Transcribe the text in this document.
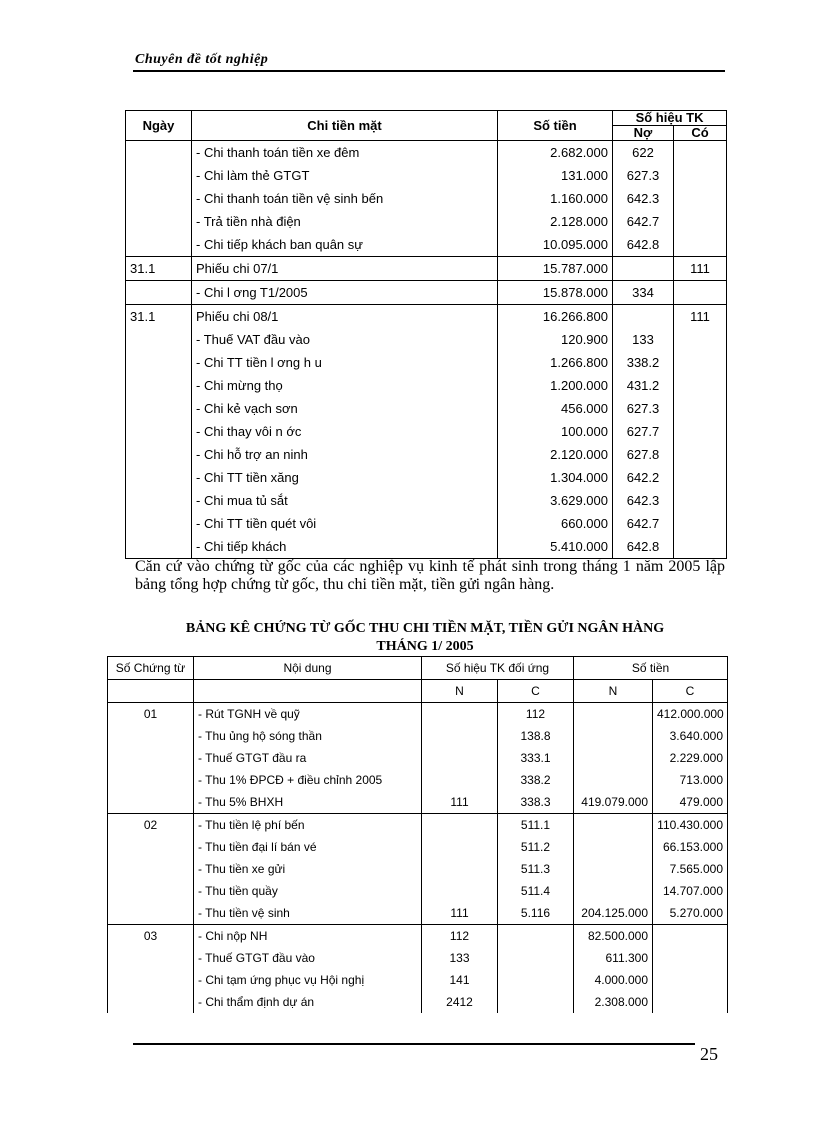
Chuyên đề tốt nghiệp
Ngày	Chi tiền mặt	Số tiền	Số hiệu TK	
			Nợ	Có
	- Chi thanh toán tiền xe đêm	2.682.000	622	
	- Chi làm thẻ GTGT	131.000	627.3	
	- Chi thanh toán tiền vệ sinh bến	1.160.000	642.3	
	- Trả tiền nhà điện	2.128.000	642.7	
	- Chi tiếp khách ban quân sự	10.095.000	642.8	
31.1	Phiếu chi 07/1	15.787.000		111
	- Chi l ơng T1/2005	15.878.000	334	
31.1	Phiếu chi 08/1	16.266.800		111
	- Thuế VAT đầu vào	120.900	133	
	- Chi TT tiền l ơng h u	1.266.800	338.2	
	- Chi mừng thọ	1.200.000	431.2	
	- Chi kẻ vạch sơn	456.000	627.3	
	- Chi thay vôi n ớc	100.000	627.7	
	- Chi hỗ trợ an ninh	2.120.000	627.8	
	- Chi TT tiền xăng	1.304.000	642.2	
	- Chi mua tủ sắt	3.629.000	642.3	
	- Chi TT tiền quét vôi	660.000	642.7	
	- Chi tiếp khách	5.410.000	642.8	
Căn cứ vào chứng từ gốc của các nghiệp vụ kinh tế phát sinh trong tháng 1 năm 2005 lập bảng tổng hợp chứng từ gốc, thu chi tiền mặt, tiền gửi ngân hàng.
BẢNG KÊ CHỨNG TỪ GỐC THU CHI TIỀN MẶT, TIỀN GỬI NGÂN HÀNG
THÁNG 1/ 2005
Số Chứng từ	Nội dung	Số hiệu TK đối ứng		Số tiền	
		N	C	N	C
01	- Rút TGNH về quỹ		112		412.000.000
	- Thu ủng hộ sóng thần		138.8		3.640.000
	- Thuế GTGT đầu ra		333.1		2.229.000
	- Thu 1% ĐPCĐ + điều chỉnh 2005		338.2		713.000
	- Thu 5% BHXH	111	338.3	419.079.000	479.000
02	- Thu tiền lệ phí bến		511.1		110.430.000
	- Thu tiền đại lí bán vé		511.2		66.153.000
	- Thu tiền xe gửi		511.3		7.565.000
	- Thu tiền quầy		511.4		14.707.000
	- Thu tiền vệ sinh	111	5.116	204.125.000	5.270.000
03	- Chi nộp NH	112		82.500.000	
	- Thuế GTGT đầu vào	133		611.300	
	- Chi tạm ứng phục vụ Hội nghị	141		4.000.000	
	- Chi thẩm định dự án	2412		2.308.000	
25
